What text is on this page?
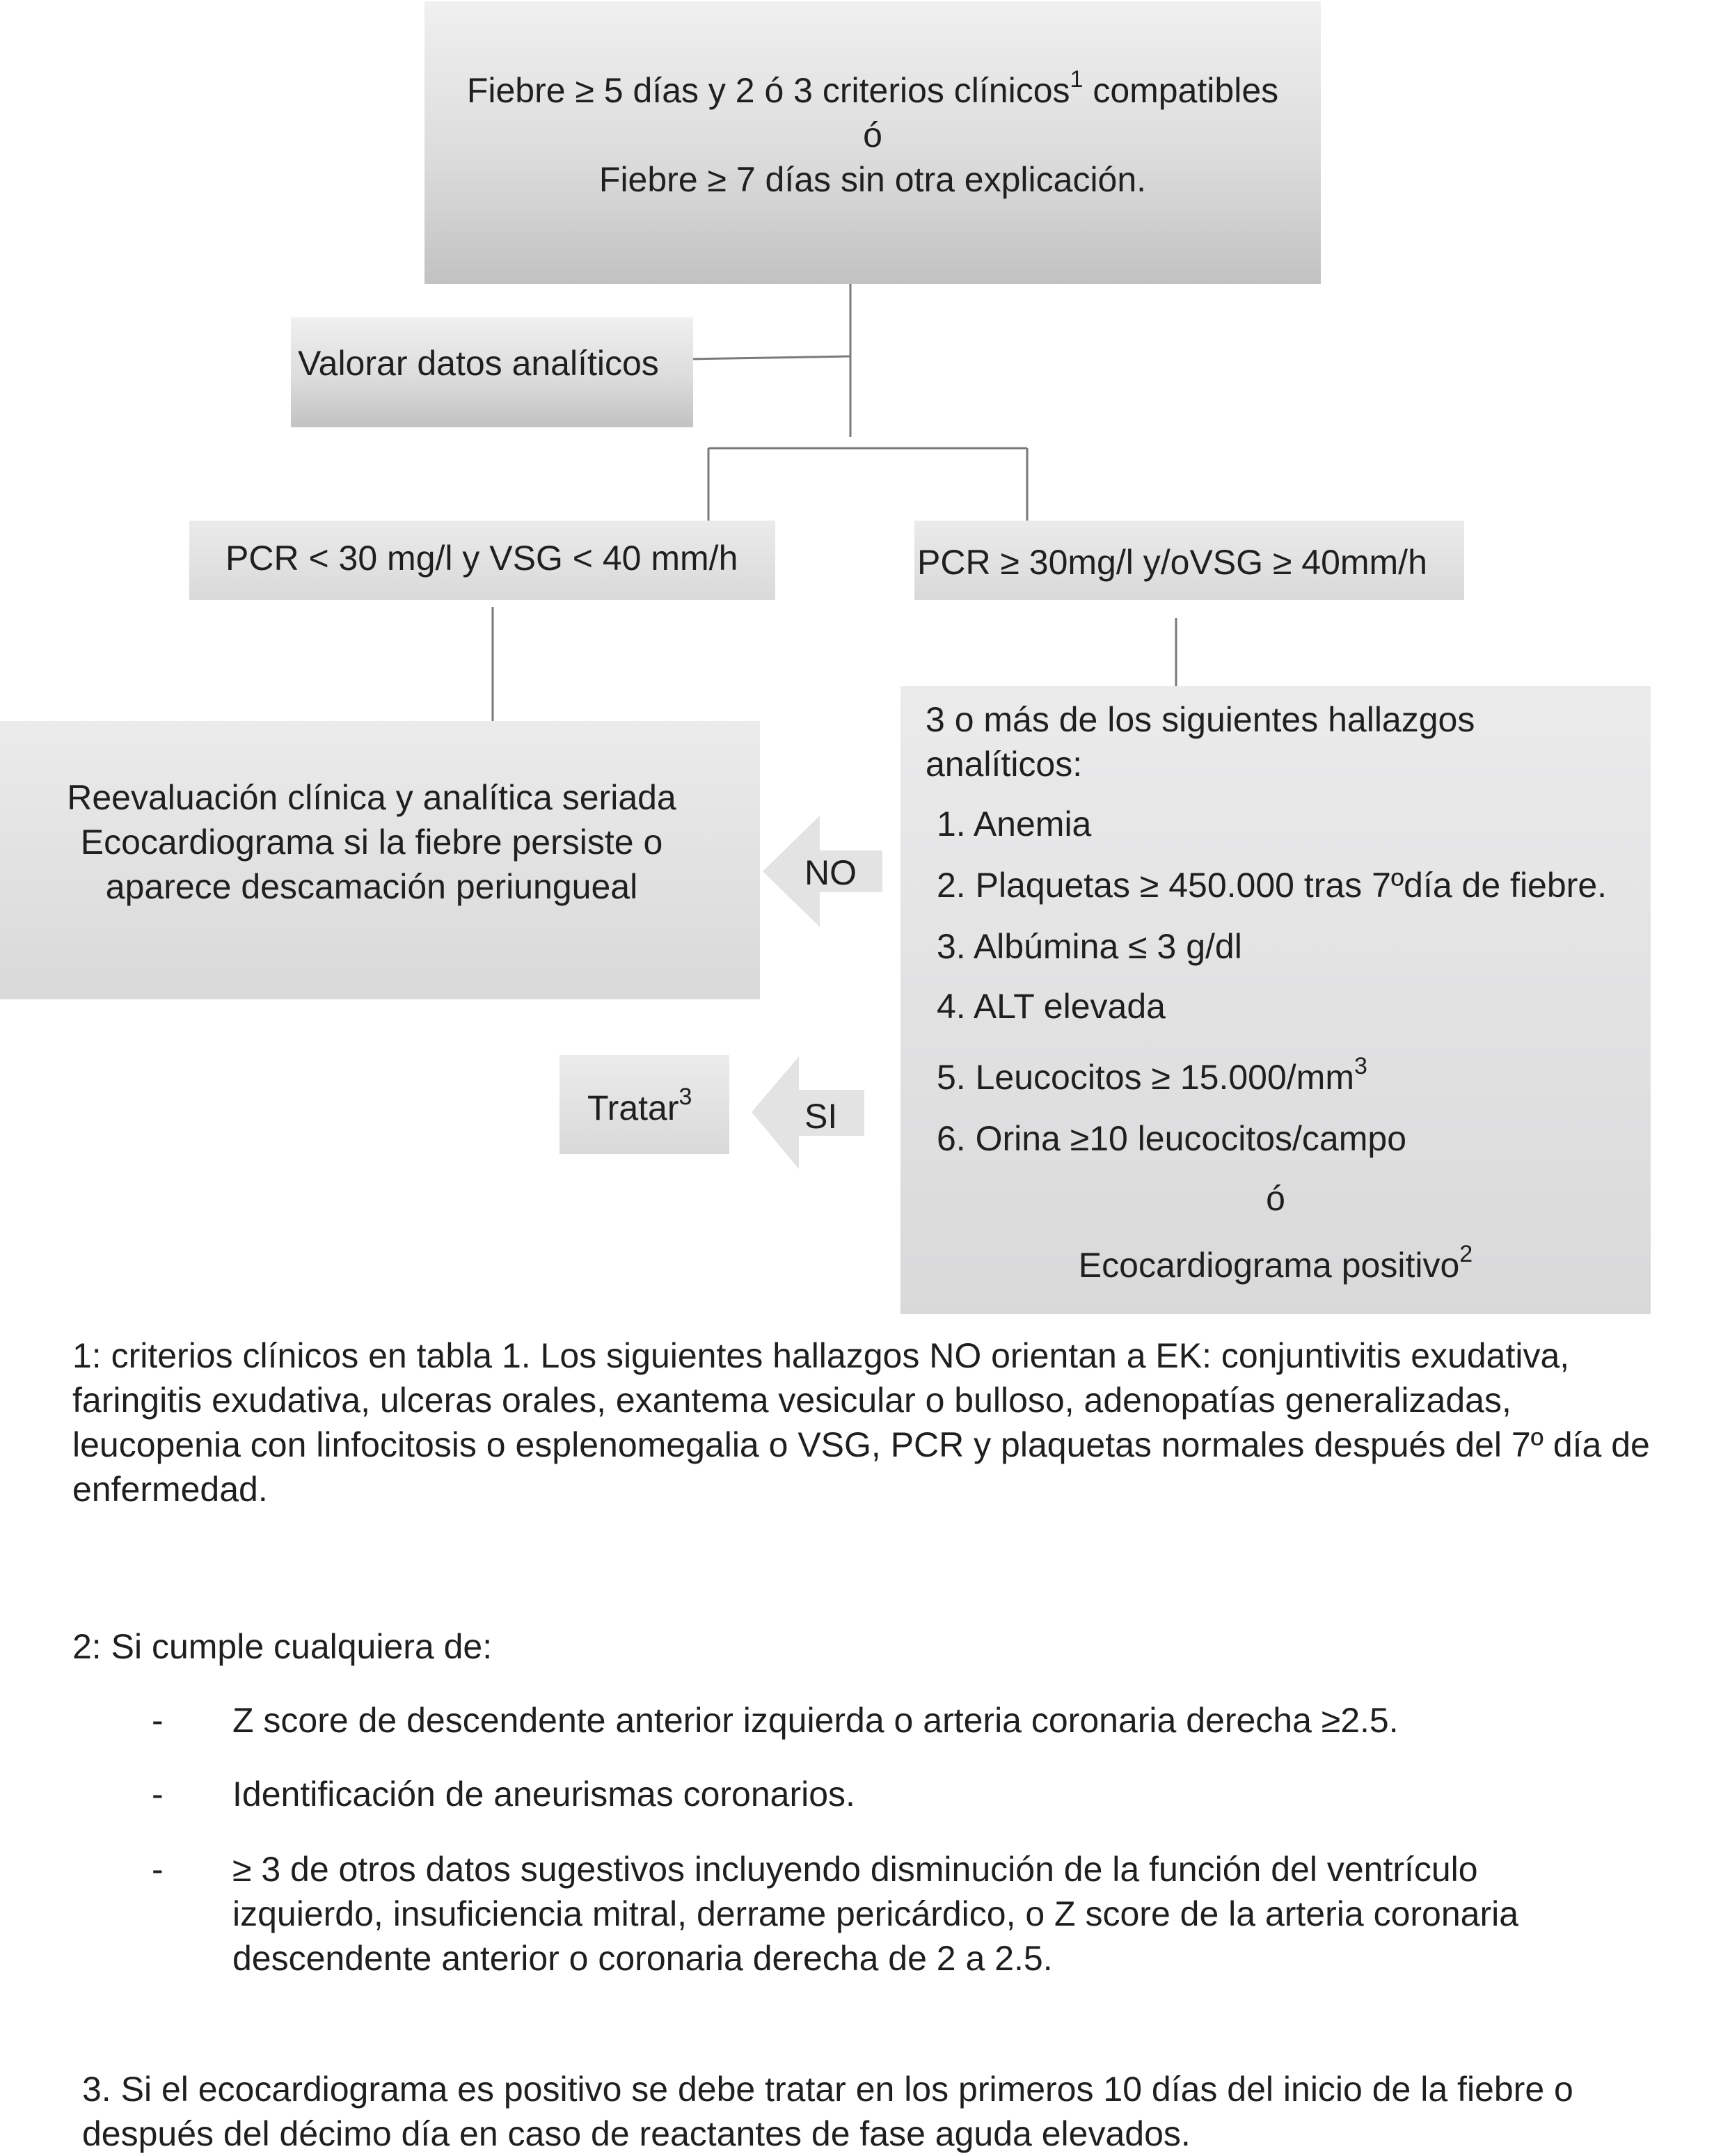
Fiebre ≥ 5 días y 2 ó 3 criterios clínicos$^1$ compatibles
ó
Fiebre ≥ 7 días sin otra explicación.
Valorar datos analíticos
PCR < 30 mg/l y VSG < 40 mm/h	PCR ≥ 30mg/l y/oVSG ≥ 40mm/h
Reevaluación clínica y analítica seriada
Ecocardiograma si la fiebre persiste o
aparece descamación periungueal	NO
SI
Tratar$^3$
3 o más de los siguientes hallazgos
analíticos:
1. Anemia
2. Plaquetas ≥ 450.000 tras 7ºdía de fiebre.
3. Albúmina ≤ 3 g/dl
4. ALT elevada
5. Leucocitos ≥ $15.000/mm^3$
6. Orina ≥10 leucocitos/campo
ó
Ecocardiograma positivo$^2$
1: criterios clínicos en tabla 1. Los siguientes hallazgos NO orientan a EK: conjuntivitis exudativa,
faringitis exudativa, ulceras orales, exantema vesicular o bulloso, adenopatías generalizadas,
leucopenia con linfocitosis o esplenomegalia o VSG, PCR y plaquetas normales después del 7º día de
enfermedad.
2: Si cumple cualquiera de:
- Z score de descendente anterior izquierda o arteria coronaria derecha ≥2.5.
- Identificación de aneurismas coronarios.
- ≥ 3 de otros datos sugestivos incluyendo disminución de la función del ventrículo
izquierdo, insuficiencia mitral, derrame pericárdico, o Z score de la arteria coronaria
descendente anterior o coronaria derecha de 2 a 2.5.
3. Si el ecocardiograma es positivo se debe tratar en los primeros 10 días del inicio de la fiebre o
después del décimo día en caso de reactantes de fase aguda elevados.
